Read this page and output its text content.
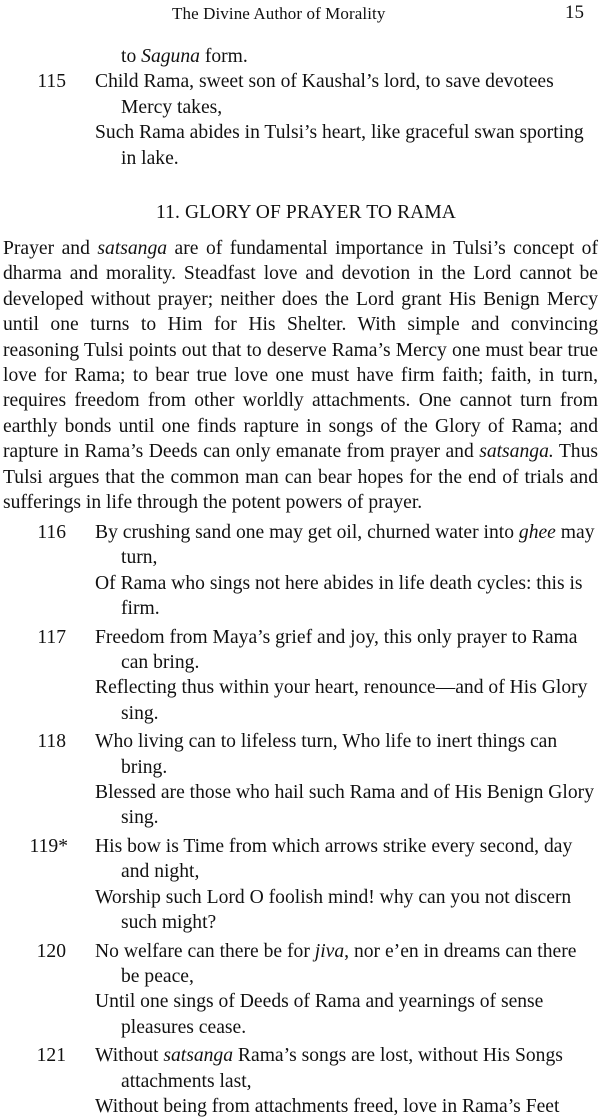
The Divine Author of Morality	15
to Saguna form.
115 Child Rama, sweet son of Kaushal’s lord, to save devotees
Mercy takes,
Such Rama abides in Tulsi’s heart, like graceful swan sporting
in lake.
11. GLORY OF PRAYER TO RAMA
Prayer and satsanga are of fundamental importance in Tulsi’s concept of dharma and morality. Steadfast love and devotion in the Lord cannot be developed without prayer; neither does the Lord grant His Benign Mercy until one turns to Him for His Shelter. With simple and convincing reasoning Tulsi points out that to deserve Rama’s Mercy one must bear true love for Rama; to bear true love one must have firm faith; faith, in turn, requires freedom from other worldly attachments. One cannot turn from earthly bonds until one finds rapture in songs of the Glory of Rama; and rapture in Rama’s Deeds can only emanate from prayer and satsanga. Thus Tulsi argues that the common man can bear hopes for the end of trials and sufferings in life through the potent powers of prayer.
116 By crushing sand one may get oil, churned water into ghee may
turn,
Of Rama who sings not here abides in life death cycles: this is
firm.
117 Freedom from Maya’s grief and joy, this only prayer to Rama
can bring.
Reflecting thus within your heart, renounce—and of His Glory
sing.
118 Who living can to lifeless turn, Who life to inert things can
bring.
Blessed are those who hail such Rama and of His Benign Glory
sing.
119* His bow is Time from which arrows strike every second, day
and night,
Worship such Lord O foolish mind! why can you not discern
such might?
120 No welfare can there be for jiva, nor e’en in dreams can there
be peace,
Until one sings of Deeds of Rama and yearnings of sense
pleasures cease.
121 Without satsanga Rama’s songs are lost, without His Songs
attachments last,
Without being from attachments freed, love in Rama’s Feet
